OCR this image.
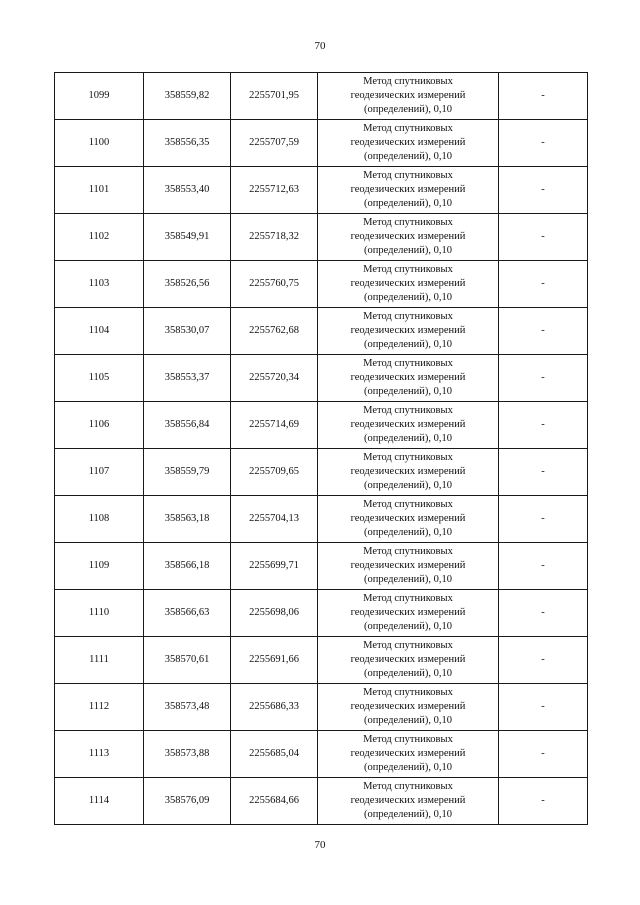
70
1099	358559,82	2255701,95	Метод спутниковых
геодезических измерений
(определений), 0,10	-
1100	358556,35	2255707,59	Метод спутниковых
геодезических измерений
(определений), 0,10	-
1101	358553,40	2255712,63	Метод спутниковых
геодезических измерений
(определений), 0,10	-
1102	358549,91	2255718,32	Метод спутниковых
геодезических измерений
(определений), 0,10	-
1103	358526,56	2255760,75	Метод спутниковых
геодезических измерений
(определений), 0,10	-
1104	358530,07	2255762,68	Метод спутниковых
геодезических измерений
(определений), 0,10	-
1105	358553,37	2255720,34	Метод спутниковых
геодезических измерений
(определений), 0,10	-
1106	358556,84	2255714,69	Метод спутниковых
геодезических измерений
(определений), 0,10	-
1107	358559,79	2255709,65	Метод спутниковых
геодезических измерений
(определений), 0,10	-
1108	358563,18	2255704,13	Метод спутниковых
геодезических измерений
(определений), 0,10	-
1109	358566,18	2255699,71	Метод спутниковых
геодезических измерений
(определений), 0,10	-
1110	358566,63	2255698,06	Метод спутниковых
геодезических измерений
(определений), 0,10	-
1111	358570,61	2255691,66	Метод спутниковых
геодезических измерений
(определений), 0,10	-
1112	358573,48	2255686,33	Метод спутниковых
геодезических измерений
(определений), 0,10	-
1113	358573,88	2255685,04	Метод спутниковых
геодезических измерений
(определений), 0,10	-
1114	358576,09	2255684,66	Метод спутниковых
геодезических измерений
(определений), 0,10	-
70
